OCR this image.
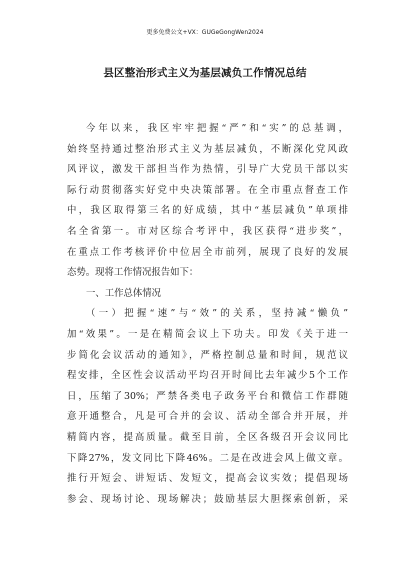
更多免费公文+VX：GUGeGongWen2024
县区整治形式主义为基层减负工作情况总结
今年以来，我区牢牢把握“严”和“实”的总基调，
始终坚持通过整治形式主义为基层减负，不断深化党风政
风评议，激发干部担当作为热情，引导广大党员干部以实
际行动贯彻落实好党中央决策部署。在全市重点督查工作
中，我区取得第三名的好成绩，其中“基层减负”单项排
名全省第一。市对区综合考评中，我区获得“进步奖”，
在重点工作考核评价中位居全市前列，展现了良好的发展
态势。现将工作情况报告如下：
一、工作总体情况
（一）把握“速”与“效”的关系，坚持减“懒负”
加“效果”。一是在精简会议上下功夫。印发《关于进一
步简化会议活动的通知》，严格控制总量和时间，规范议
程安排，全区性会议活动平均召开时间比去年减少5个工作
日，压缩了30%；严禁各类电子政务平台和微信工作群随
意开通整合，凡是可合并的会议、活动全部合并开展，并
精简内容，提高质量。截至目前，全区各级召开会议同比
下降27%，发文同比下降46%。二是在改进会风上做文章。
推行开短会、讲短话、发短文，提高会议实效；提倡现场
参会、现场讨论、现场解决；鼓励基层大胆探索创新，采
